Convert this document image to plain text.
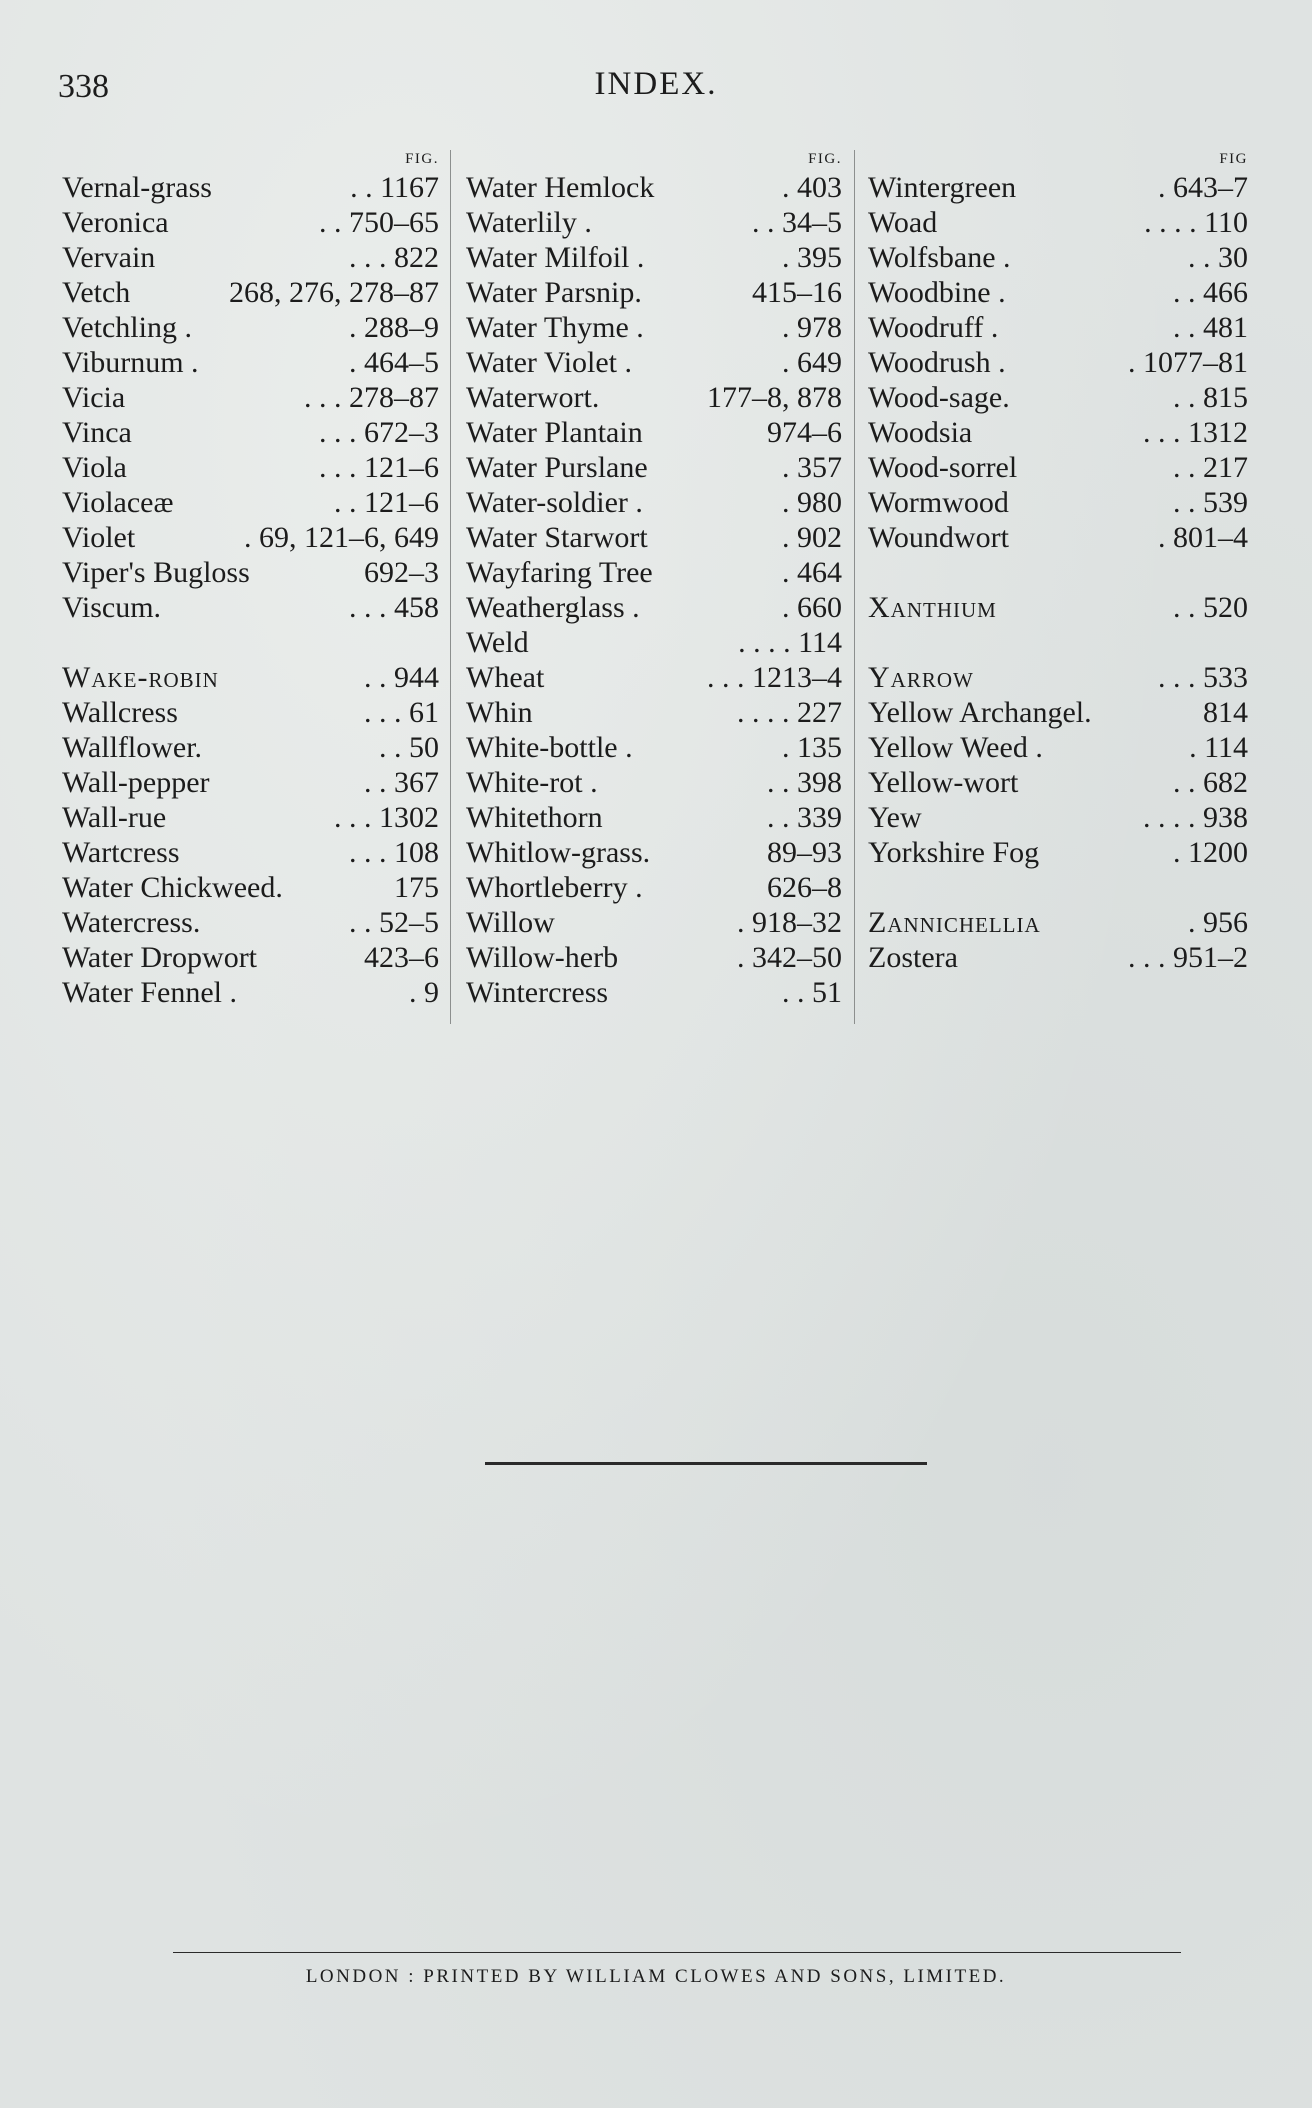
338	INDEX.
FIG.
Vernal-grass	. . 1167
Veronica	. . 750–65
Vervain	. . . 822
Vetch	268, 276, 278–87
Vetchling .	. 288–9
Viburnum .	. 464–5
Vicia	. . . 278–87
Vinca	. . . 672–3
Viola	. . . 121–6
Violaceæ	. . 121–6
Violet	. 69, 121–6, 649
Viper's Bugloss	692–3
Viscum.	. . . 458
Wake-robin	. . 944
Wallcress	. . . 61
Wallflower.	. . 50
Wall-pepper	. . 367
Wall-rue	. . . 1302
Wartcress	. . . 108
Water Chickweed.	175
Watercress.	. . 52–5
Water Dropwort	423–6
Water Fennel .	. 9
FIG.
Water Hemlock	. 403
Waterlily .	. . 34–5
Water Milfoil .	. 395
Water Parsnip.	415–16
Water Thyme .	. 978
Water Violet .	. 649
Waterwort.	177–8, 878
Water Plantain	974–6
Water Purslane	. 357
Water-soldier .	. 980
Water Starwort	. 902
Wayfaring Tree	. 464
Weatherglass .	. 660
Weld	. . . . 114
Wheat	. . . 1213–4
Whin	. . . . 227
White-bottle .	. 135
White-rot .	. . 398
Whitethorn	. . 339
Whitlow-grass.	89–93
Whortleberry .	626–8
Willow	. 918–32
Willow-herb	. 342–50
Wintercress	. . 51
FIG
Wintergreen	. 643–7
Woad	. . . . 110
Wolfsbane .	. . 30
Woodbine .	. . 466
Woodruff .	. . 481
Woodrush .	. 1077–81
Wood-sage.	. . 815
Woodsia	. . . 1312
Wood-sorrel	. . 217
Wormwood	. . 539
Woundwort	. 801–4
Xanthium	. . 520
Yarrow	. . . 533
Yellow Archangel.	814
Yellow Weed .	. 114
Yellow-wort	. . 682
Yew	. . . . 938
Yorkshire Fog	. 1200
Zannichellia	. 956
Zostera	. . . 951–2
LONDON : PRINTED BY WILLIAM CLOWES AND SONS, LIMITED.
